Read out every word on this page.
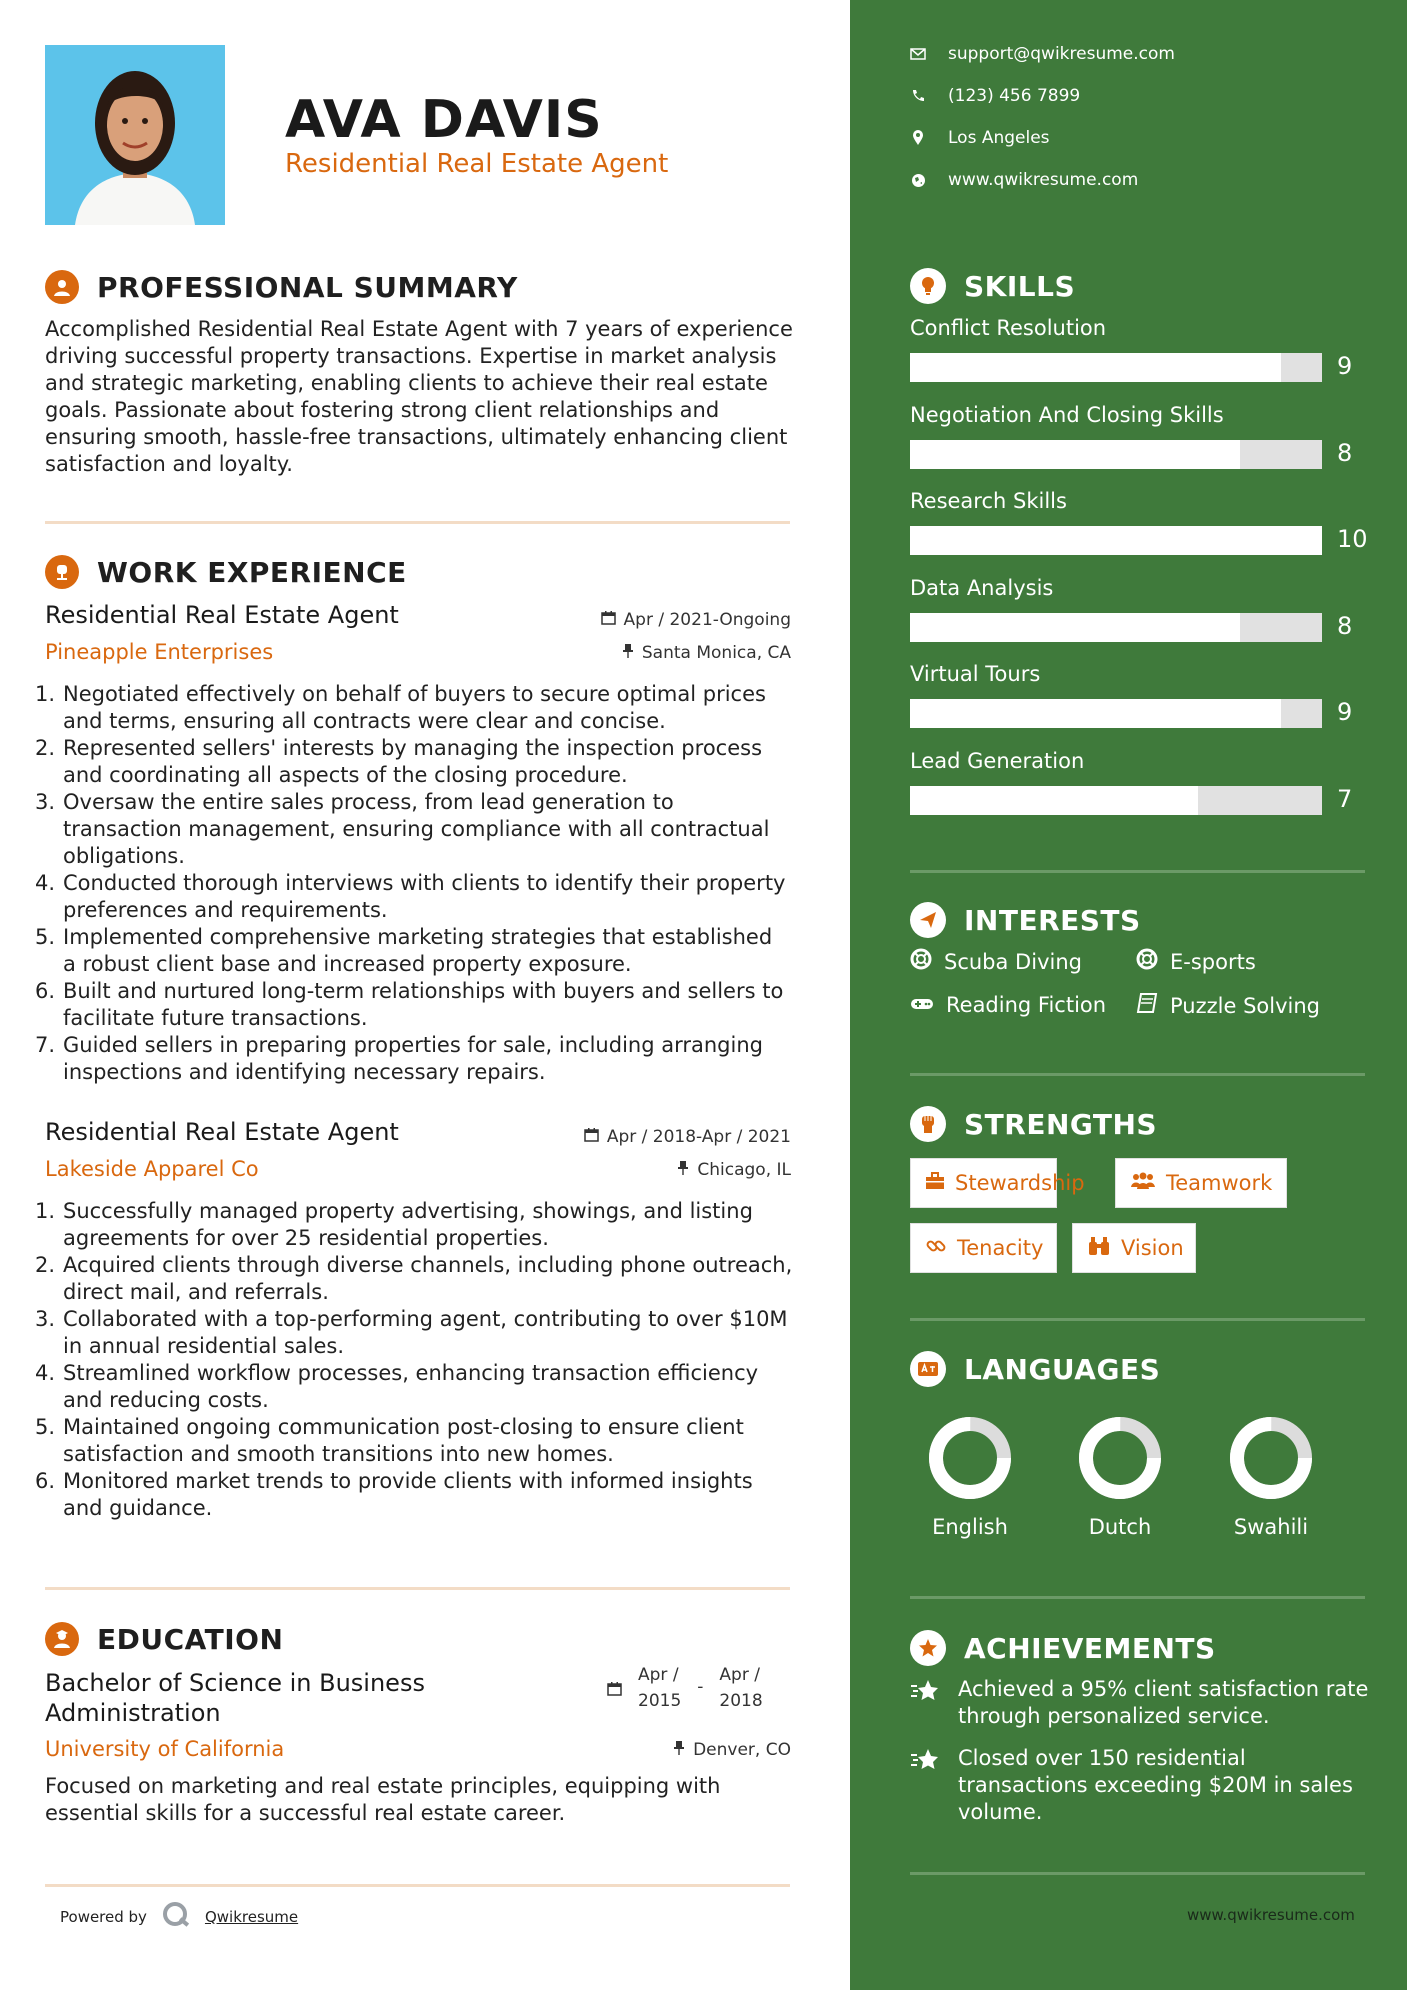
AVA DAVIS
Residential Real Estate Agent
PROFESSIONAL SUMMARY
Accomplished Residential Real Estate Agent with 7 years of experience
driving successful property transactions. Expertise in market analysis
and strategic marketing, enabling clients to achieve their real estate
goals. Passionate about fostering strong client relationships and
ensuring smooth, hassle-free transactions, ultimately enhancing client
satisfaction and loyalty.
WORK EXPERIENCE
Residential Real Estate Agent	Apr / 2021-Ongoing
Pineapple Enterprises	Santa Monica, CA
1. Negotiated effectively on behalf of buyers to secure optimal prices
and terms, ensuring all contracts were clear and concise.
2. Represented sellers' interests by managing the inspection process
and coordinating all aspects of the closing procedure.
3. Oversaw the entire sales process, from lead generation to
transaction management, ensuring compliance with all contractual
obligations.
4. Conducted thorough interviews with clients to identify their property
preferences and requirements.
5. Implemented comprehensive marketing strategies that established
a robust client base and increased property exposure.
6. Built and nurtured long-term relationships with buyers and sellers to
facilitate future transactions.
7. Guided sellers in preparing properties for sale, including arranging
inspections and identifying necessary repairs.
Residential Real Estate Agent	Apr / 2018-Apr / 2021
Lakeside Apparel Co	Chicago, IL
1. Successfully managed property advertising, showings, and listing
agreements for over 25 residential properties.
2. Acquired clients through diverse channels, including phone outreach,
direct mail, and referrals.
3. Collaborated with a top-performing agent, contributing to over $10M
in annual residential sales.
4. Streamlined workflow processes, enhancing transaction efficiency
and reducing costs.
5. Maintained ongoing communication post-closing to ensure client
satisfaction and smooth transitions into new homes.
6. Monitored market trends to provide clients with informed insights
and guidance.
EDUCATION
Bachelor of Science in Business
Administration
Apr /
2015
-
Apr /
2018
University of California	Denver, CO
Focused on marketing and real estate principles, equipping with
essential skills for a successful real estate career.
Powered by	Qwikresume
support@qwikresume.com
(123) 456 7899
Los Angeles
www.qwikresume.com
SKILLS
Conflict Resolution
9
Negotiation And Closing Skills
8
Research Skills
10
Data Analysis
8
Virtual Tours
9
Lead Generation
7
INTERESTS
Scuba Diving	E-sports
Reading Fiction	Puzzle Solving
STRENGTHS
Stewardship	Teamwork
Tenacity	Vision
LANGUAGES
English	Dutch	Swahili
ACHIEVEMENTS
Achieved a 95% client satisfaction rate
through personalized service.
Closed over 150 residential
transactions exceeding $20M in sales
volume.
www.qwikresume.com
